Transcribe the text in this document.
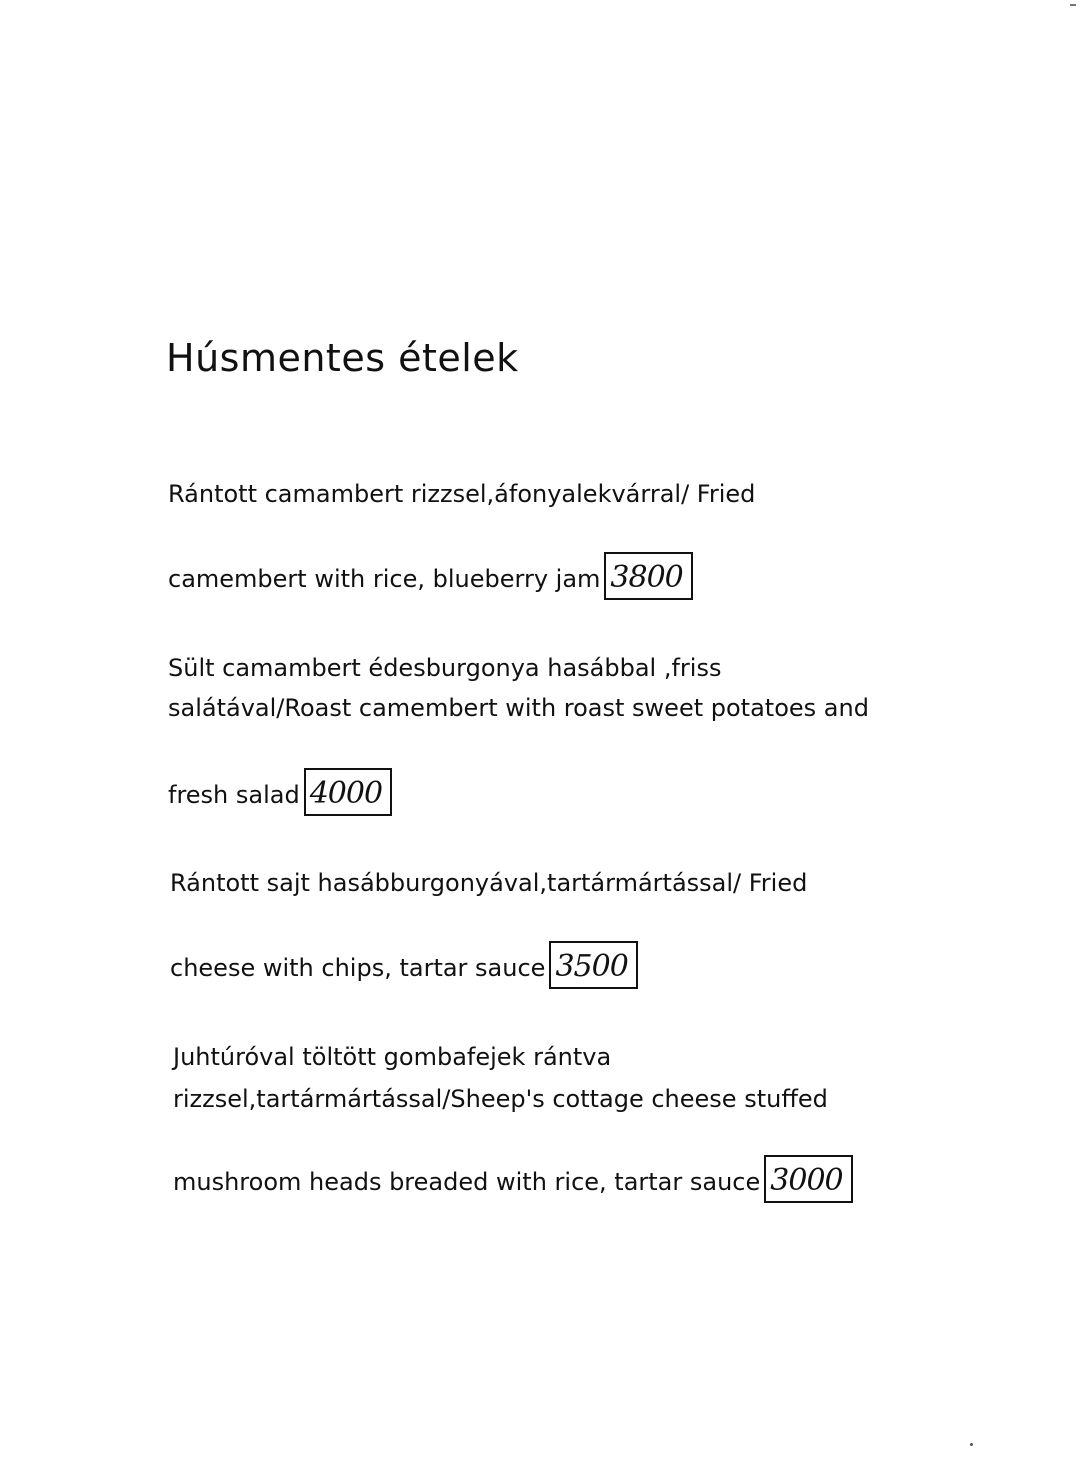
Húsmentes ételek
Rántott camambert rizzsel,áfonyalekvárral/ Fried
camembert with rice, blueberry jam 3800
Sült camambert édesburgonya hasábbal ,friss
salátával/Roast camembert with roast sweet potatoes and
fresh salad 4000
Rántott sajt hasábburgonyával,tartármártással/ Fried
cheese with chips, tartar sauce 3500
Juhtúróval töltött gombafejek rántva
rizzsel,tartármártással/Sheep's cottage cheese stuffed
mushroom heads breaded with rice, tartar sauce 3000
